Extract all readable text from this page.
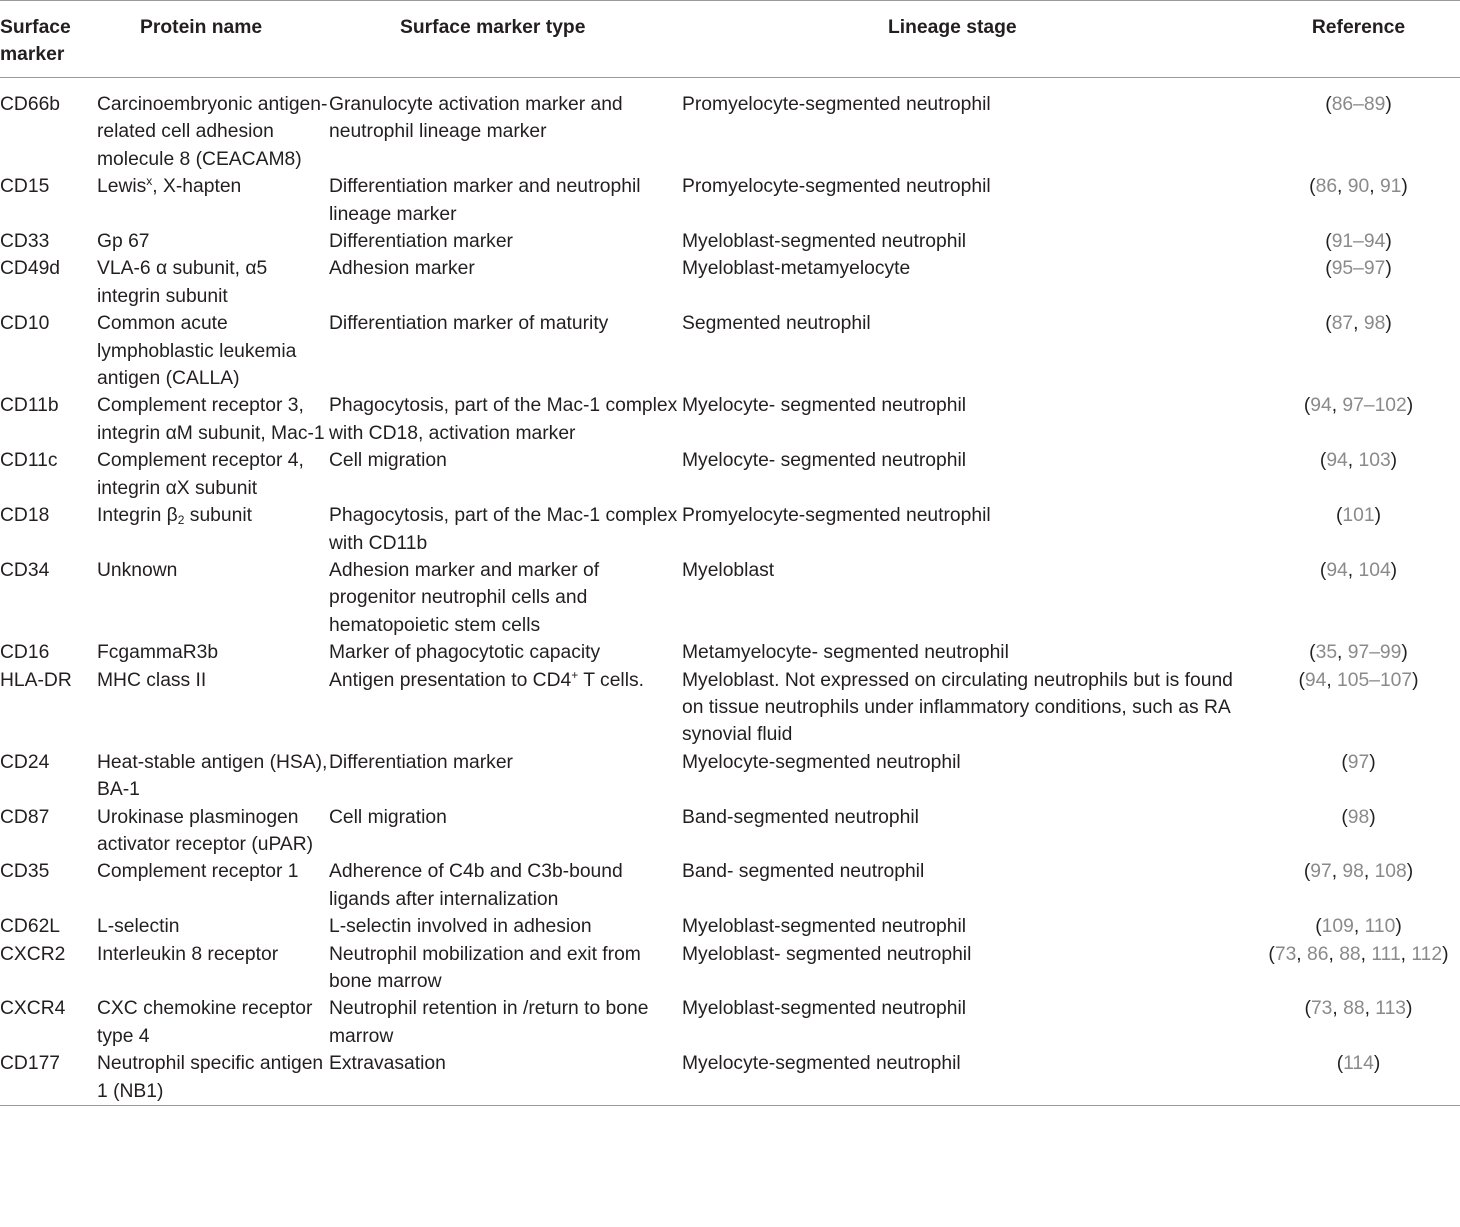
Surface marker	Protein name	Surface marker type	Lineage stage	Reference
CD66b	Carcinoembryonic antigen-related cell adhesion molecule 8 (CEACAM8)	Granulocyte activation marker and neutrophil lineage marker	Promyelocyte-segmented neutrophil	(86–89)
CD15	Lewis$^x$, X-hapten	Differentiation marker and neutrophil lineage marker	Promyelocyte-segmented neutrophil	(86, 90, 91)
CD33	Gp 67	Differentiation marker	Myeloblast-segmented neutrophil	(91–94)
CD49d	VLA-6 α subunit, α5 integrin subunit	Adhesion marker	Myeloblast-metamyelocyte	(95–97)
CD10	Common acute lymphoblastic leukemia antigen (CALLA)	Differentiation marker of maturity	Segmented neutrophil	(87, 98)
CD11b	Complement receptor 3, integrin αM subunit, Mac-1	Phagocytosis, part of the Mac-1 complex with CD18, activation marker	Myelocyte- segmented neutrophil	(94, 97–102)
CD11c	Complement receptor 4, integrin αX subunit	Cell migration	Myelocyte- segmented neutrophil	(94, 103)
CD18	Integrin $\beta_2$ subunit	Phagocytosis, part of the Mac-1 complex with CD11b	Promyelocyte-segmented neutrophil	(101)
CD34	Unknown	Adhesion marker and marker of progenitor neutrophil cells and hematopoietic stem cells	Myeloblast	(94, 104)
CD16	FcgammaR3b	Marker of phagocytotic capacity	Metamyelocyte- segmented neutrophil	(35, 97–99)
HLA-DR	MHC class II	Antigen presentation to CD4+ T cells.	Myeloblast. Not expressed on circulating neutrophils but is found on tissue neutrophils under inflammatory conditions, such as RA synovial fluid	(94, 105–107)
CD24	Heat-stable antigen (HSA), BA-1	Differentiation marker	Myelocyte-segmented neutrophil	(97)
CD87	Urokinase plasminogen activator receptor (uPAR)	Cell migration	Band-segmented neutrophil	(98)
CD35	Complement receptor 1	Adherence of C4b and C3b-bound ligands after internalization	Band- segmented neutrophil	(97, 98, 108)
CD62L	L-selectin	L-selectin involved in adhesion	Myeloblast-segmented neutrophil	(109, 110)
CXCR2	Interleukin 8 receptor	Neutrophil mobilization and exit from bone marrow	Myeloblast- segmented neutrophil	(73, 86, 88, 111, 112)
CXCR4	CXC chemokine receptor type 4	Neutrophil retention in /return to bone marrow	Myeloblast-segmented neutrophil	(73, 88, 113)
CD177	Neutrophil specific antigen 1 (NB1)	Extravasation	Myelocyte-segmented neutrophil	(114)
